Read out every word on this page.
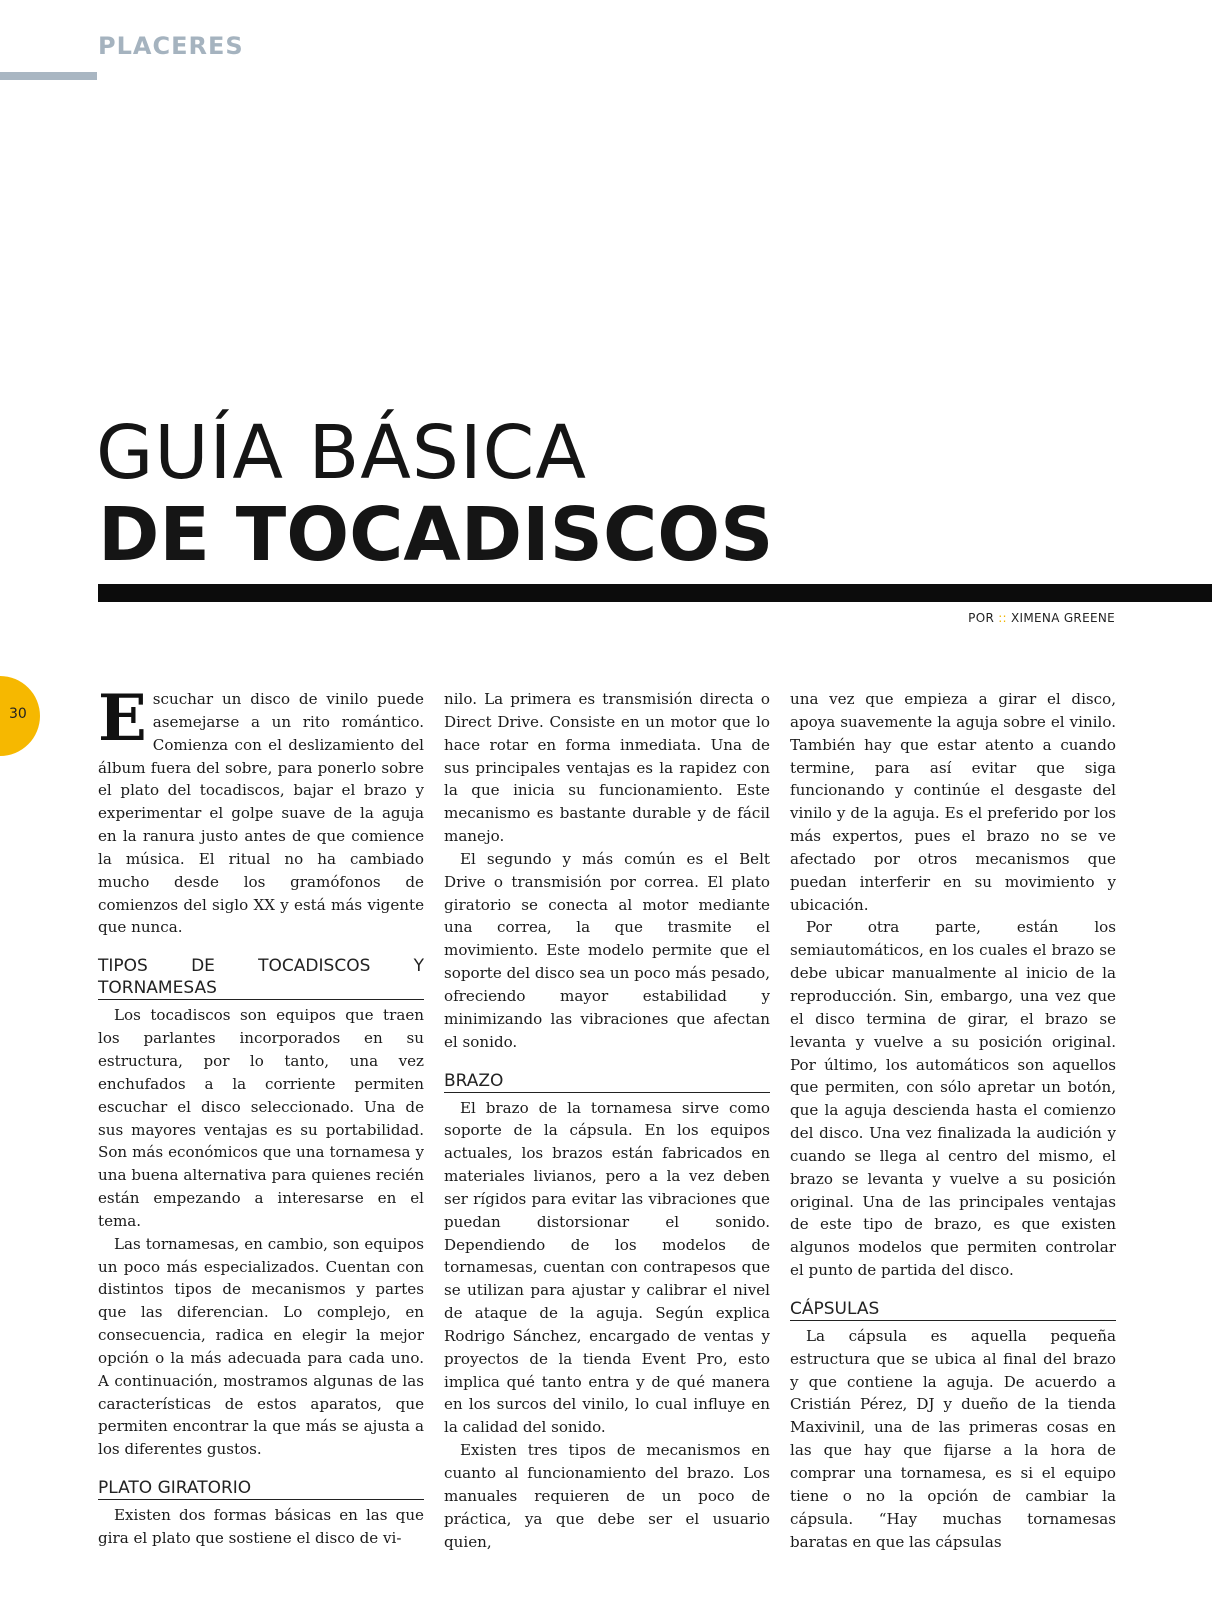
PLACERES
GUÍA BÁSICA
DE TOCADISCOS
POR :: XIMENA GREENE
30 Escuchar un disco de vinilo puede asemejarse a un rito romántico. Comienza con el deslizamiento del álbum fuera del sobre, para ponerlo sobre el plato del tocadiscos, bajar el brazo y experimentar el golpe suave de la aguja en la ranura justo antes de que comience la música. El ritual no ha cambiado mucho desde los gramófonos de comienzos del siglo XX y está más vigente que nunca.

TIPOS DE TOCADISCOS Y TORNAMESAS

Los tocadiscos son equipos que traen los parlantes incorporados en su estructura, por lo tanto, una vez enchufados a la corriente permiten escuchar el disco seleccionado. Una de sus mayores ventajas es su portabilidad. Son más económicos que una tornamesa y una buena alternativa para quienes recién están empezando a interesarse en el tema.

Las tornamesas, en cambio, son equipos un poco más especializados. Cuentan con distintos tipos de mecanismos y partes que las diferencian. Lo complejo, en consecuencia, radica en elegir la mejor opción o la más adecuada para cada uno. A continuación, mostramos algunas de las características de estos aparatos, que permiten encontrar la que más se ajusta a los diferentes gustos.

PLATO GIRATORIO

Existen dos formas básicas en las que gira el plato que sostiene el disco de vi-

nilo. La primera es transmisión directa o Direct Drive. Consiste en un motor que lo hace rotar en forma inmediata. Una de sus principales ventajas es la rapidez con la que inicia su funcionamiento. Este mecanismo es bastante durable y de fácil manejo.

El segundo y más común es el Belt Drive o transmisión por correa. El plato giratorio se conecta al motor mediante una correa, la que trasmite el movimiento. Este modelo permite que el soporte del disco sea un poco más pesado, ofreciendo mayor estabilidad y minimizando las vibraciones que afectan el sonido.

BRAZO

El brazo de la tornamesa sirve como soporte de la cápsula. En los equipos actuales, los brazos están fabricados en materiales livianos, pero a la vez deben ser rígidos para evitar las vibraciones que puedan distorsionar el sonido. Dependiendo de los modelos de tornamesas, cuentan con contrapesos que se utilizan para ajustar y calibrar el nivel de ataque de la aguja. Según explica Rodrigo Sánchez, encargado de ventas y proyectos de la tienda Event Pro, esto implica qué tanto entra y de qué manera en los surcos del vinilo, lo cual influye en la calidad del sonido.

Existen tres tipos de mecanismos en cuanto al funcionamiento del brazo. Los manuales requieren de un poco de práctica, ya que debe ser el usuario quien,

una vez que empieza a girar el disco, apoya suavemente la aguja sobre el vinilo. También hay que estar atento a cuando termine, para así evitar que siga funcionando y continúe el desgaste del vinilo y de la aguja. Es el preferido por los más expertos, pues el brazo no se ve afectado por otros mecanismos que puedan interferir en su movimiento y ubicación.

Por otra parte, están los semiautomáticos, en los cuales el brazo se debe ubicar manualmente al inicio de la reproducción. Sin, embargo, una vez que el disco termina de girar, el brazo se levanta y vuelve a su posición original. Por último, los automáticos son aquellos que permiten, con sólo apretar un botón, que la aguja descienda hasta el comienzo del disco. Una vez finalizada la audición y cuando se llega al centro del mismo, el brazo se levanta y vuelve a su posición original. Una de las principales ventajas de este tipo de brazo, es que existen algunos modelos que permiten controlar el punto de partida del disco.

CÁPSULAS

La cápsula es aquella pequeña estructura que se ubica al final del brazo y que contiene la aguja. De acuerdo a Cristián Pérez, DJ y dueño de la tienda Maxivinil, una de las primeras cosas en las que hay que fijarse a la hora de comprar una tornamesa, es si el equipo tiene o no la opción de cambiar la cápsula. “Hay muchas tornamesas baratas en que las cápsulas
